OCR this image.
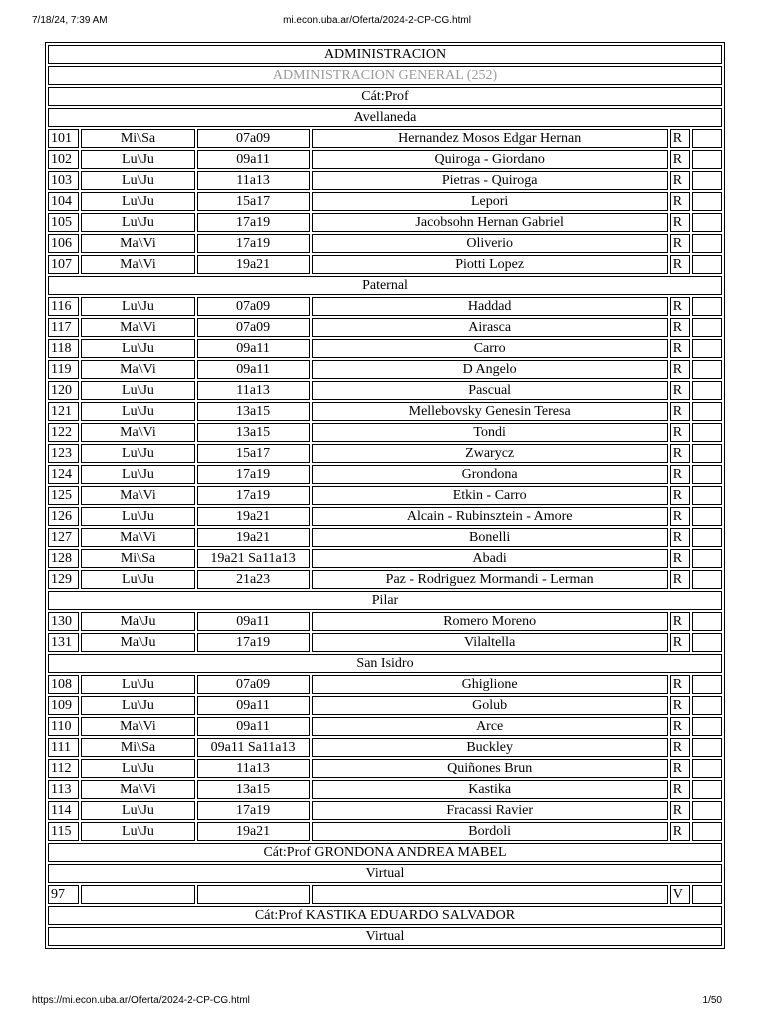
7/18/24, 7:39 AM	mi.econ.uba.ar/Oferta/2024-2-CP-CG.html
ADMINISTRACION					
ADMINISTRACION GENERAL (252)					
Cát:Prof					
Avellaneda					
101	Mi\Sa	07a09	Hernandez Mosos Edgar Hernan	R	
102	Lu\Ju	09a11	Quiroga - Giordano	R	
103	Lu\Ju	11a13	Pietras - Quiroga	R	
104	Lu\Ju	15a17	Lepori	R	
105	Lu\Ju	17a19	Jacobsohn Hernan Gabriel	R	
106	Ma\Vi	17a19	Oliverio	R	
107	Ma\Vi	19a21	Piotti Lopez	R	
Paternal					
116	Lu\Ju	07a09	Haddad	R	
117	Ma\Vi	07a09	Airasca	R	
118	Lu\Ju	09a11	Carro	R	
119	Ma\Vi	09a11	D Angelo	R	
120	Lu\Ju	11a13	Pascual	R	
121	Lu\Ju	13a15	Mellebovsky Genesin Teresa	R	
122	Ma\Vi	13a15	Tondi	R	
123	Lu\Ju	15a17	Zwarycz	R	
124	Lu\Ju	17a19	Grondona	R	
125	Ma\Vi	17a19	Etkin - Carro	R	
126	Lu\Ju	19a21	Alcain - Rubinsztein - Amore	R	
127	Ma\Vi	19a21	Bonelli	R	
128	Mi\Sa	19a21 Sa11a13	Abadi	R	
129	Lu\Ju	21a23	Paz - Rodriguez Mormandi - Lerman	R	
Pilar					
130	Ma\Ju	09a11	Romero Moreno	R	
131	Ma\Ju	17a19	Vilaltella	R	
San Isidro					
108	Lu\Ju	07a09	Ghiglione	R	
109	Lu\Ju	09a11	Golub	R	
110	Ma\Vi	09a11	Arce	R	
111	Mi\Sa	09a11 Sa11a13	Buckley	R	
112	Lu\Ju	11a13	Quiñones Brun	R	
113	Ma\Vi	13a15	Kastika	R	
114	Lu\Ju	17a19	Fracassi Ravier	R	
115	Lu\Ju	19a21	Bordoli	R	
Cát:Prof GRONDONA ANDREA MABEL					
Virtual					
97				V	
Cát:Prof KASTIKA EDUARDO SALVADOR					
Virtual					
https://mi.econ.uba.ar/Oferta/2024-2-CP-CG.html	1/50
